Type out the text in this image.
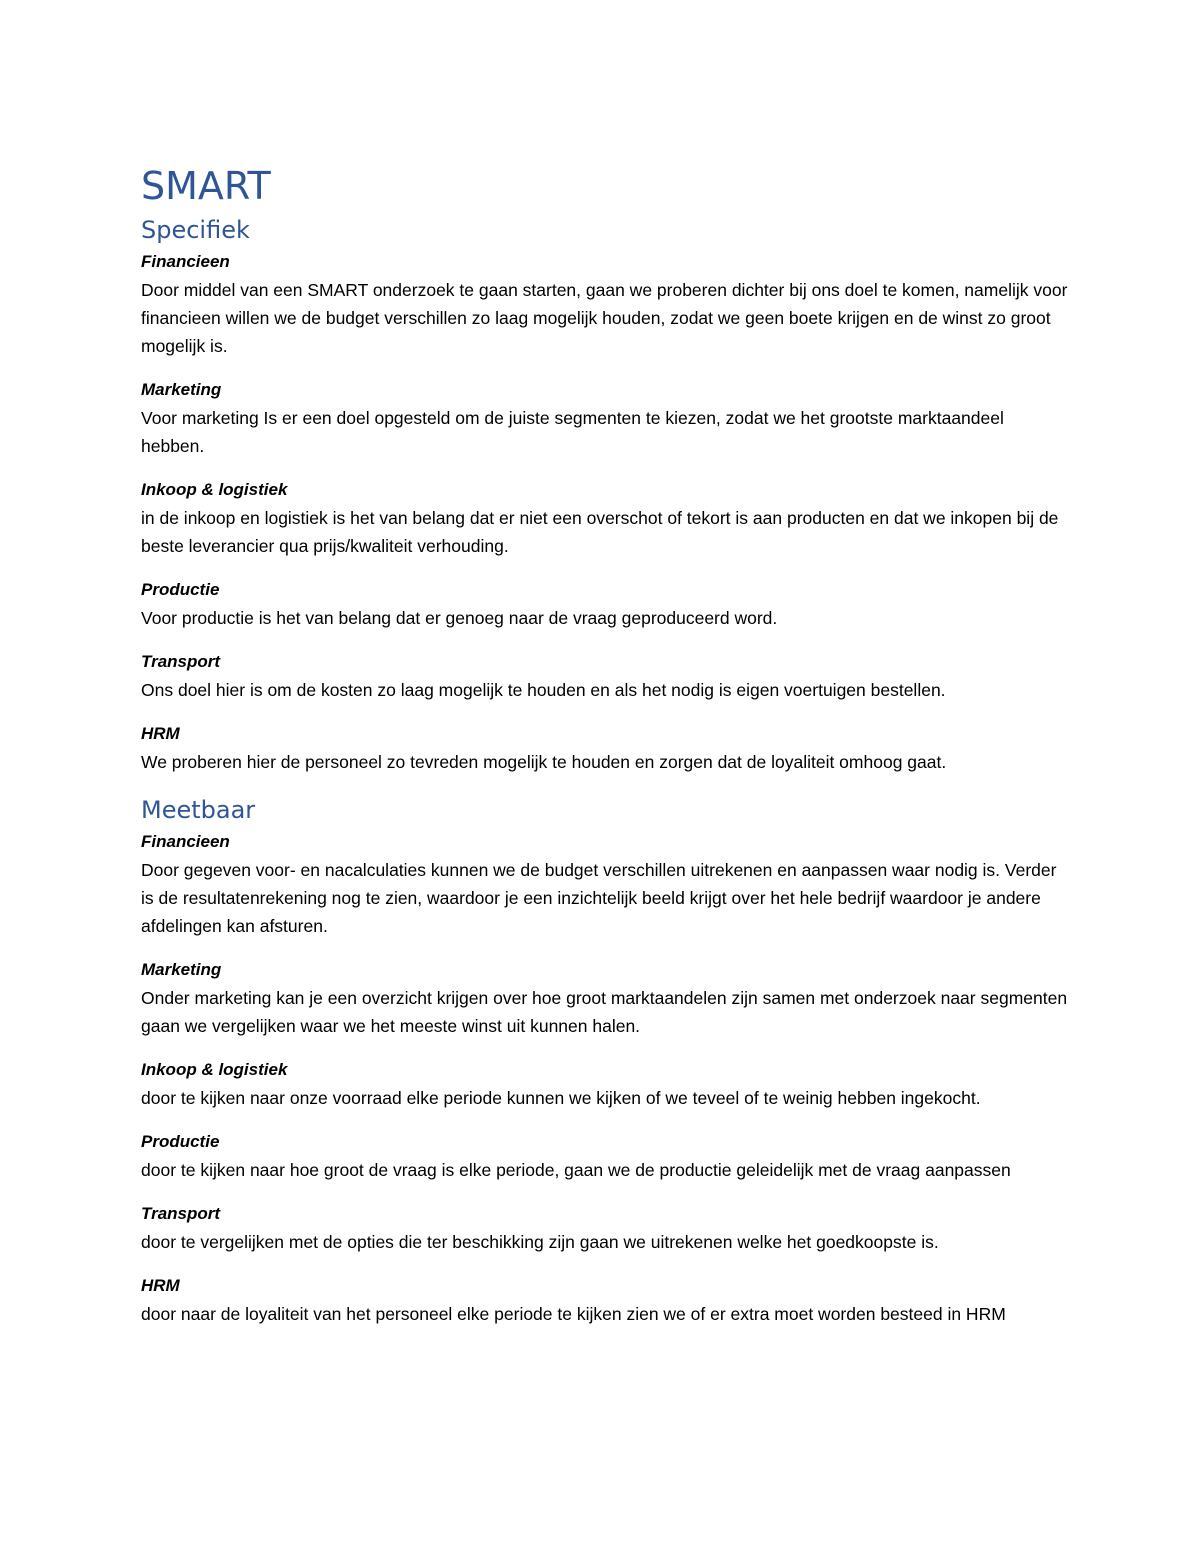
SMART
Specifiek

Financieen

Door middel van een SMART onderzoek te gaan starten, gaan we proberen dichter bij ons doel te komen, namelijk voor financieen willen we de budget verschillen zo laag mogelijk houden, zodat we geen boete krijgen en de winst zo groot mogelijk is.

Marketing

Voor marketing Is er een doel opgesteld om de juiste segmenten te kiezen, zodat we het grootste marktaandeel hebben.

Inkoop & logistiek

in de inkoop en logistiek is het van belang dat er niet een overschot of tekort is aan producten en dat we inkopen bij de beste leverancier qua prijs/kwaliteit verhouding.

Productie

Voor productie is het van belang dat er genoeg naar de vraag geproduceerd word.

Transport

Ons doel hier is om de kosten zo laag mogelijk te houden en als het nodig is eigen voertuigen bestellen.

HRM

We proberen hier de personeel zo tevreden mogelijk te houden en zorgen dat de loyaliteit omhoog gaat.

Meetbaar

Financieen

Door gegeven voor- en nacalculaties kunnen we de budget verschillen uitrekenen en aanpassen waar nodig is. Verder is de resultatenrekening nog te zien, waardoor je een inzichtelijk beeld krijgt over het hele bedrijf waardoor je andere afdelingen kan afsturen.

Marketing

Onder marketing kan je een overzicht krijgen over hoe groot marktaandelen zijn samen met onderzoek naar segmenten gaan we vergelijken waar we het meeste winst uit kunnen halen.

Inkoop & logistiek

door te kijken naar onze voorraad elke periode kunnen we kijken of we teveel of te weinig hebben ingekocht.

Productie

door te kijken naar hoe groot de vraag is elke periode, gaan we de productie geleidelijk met de vraag aanpassen

Transport

door te vergelijken met de opties die ter beschikking zijn gaan we uitrekenen welke het goedkoopste is.

HRM

door naar de loyaliteit van het personeel elke periode te kijken zien we of er extra moet worden besteed in HRM
